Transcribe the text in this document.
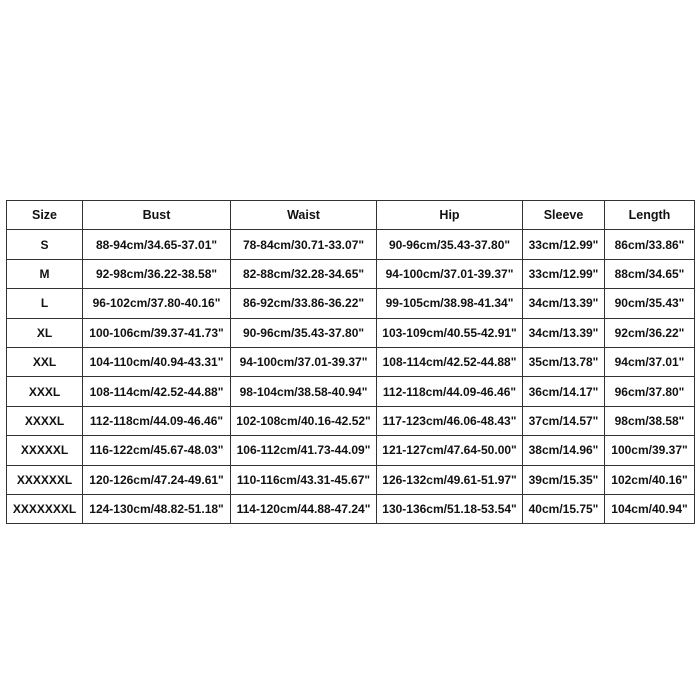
Size	Bust	Waist	Hip	Sleeve	Length
S	88-94cm/34.65-37.01"	78-84cm/30.71-33.07"	90-96cm/35.43-37.80"	33cm/12.99"	86cm/33.86"
M	92-98cm/36.22-38.58"	82-88cm/32.28-34.65"	94-100cm/37.01-39.37"	33cm/12.99"	88cm/34.65"
L	96-102cm/37.80-40.16"	86-92cm/33.86-36.22"	99-105cm/38.98-41.34"	34cm/13.39"	90cm/35.43"
XL	100-106cm/39.37-41.73"	90-96cm/35.43-37.80"	103-109cm/40.55-42.91"	34cm/13.39"	92cm/36.22"
XXL	104-110cm/40.94-43.31"	94-100cm/37.01-39.37"	108-114cm/42.52-44.88"	35cm/13.78"	94cm/37.01"
XXXL	108-114cm/42.52-44.88"	98-104cm/38.58-40.94"	112-118cm/44.09-46.46"	36cm/14.17"	96cm/37.80"
XXXXL	112-118cm/44.09-46.46"	102-108cm/40.16-42.52"	117-123cm/46.06-48.43"	37cm/14.57"	98cm/38.58"
XXXXXL	116-122cm/45.67-48.03"	106-112cm/41.73-44.09"	121-127cm/47.64-50.00"	38cm/14.96"	100cm/39.37"
XXXXXXL	120-126cm/47.24-49.61"	110-116cm/43.31-45.67"	126-132cm/49.61-51.97"	39cm/15.35"	102cm/40.16"
XXXXXXXL	124-130cm/48.82-51.18"	114-120cm/44.88-47.24"	130-136cm/51.18-53.54"	40cm/15.75"	104cm/40.94"
